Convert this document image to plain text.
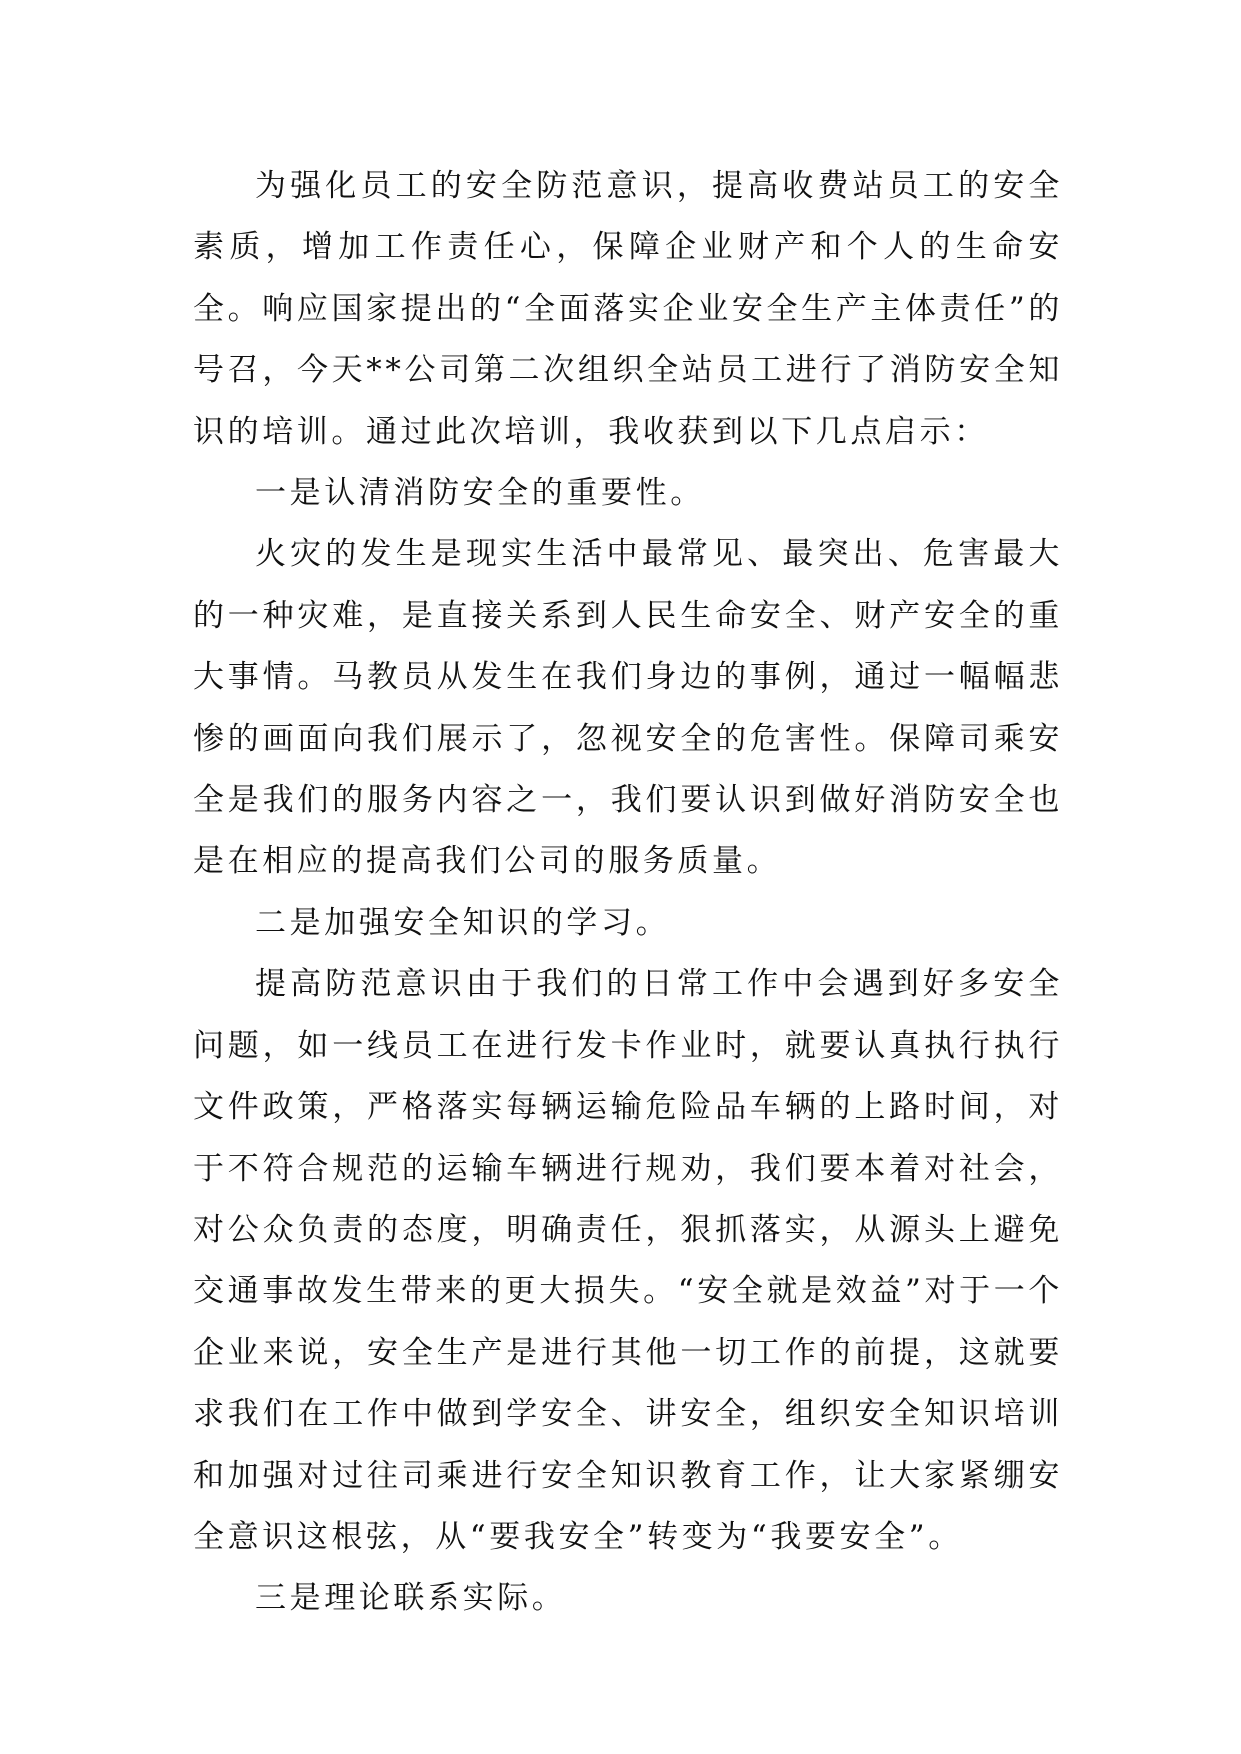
为强化员工的安全防范意识，提高收费站员工的安全素质，增加工作责任心，保障企业财产和个人的生命安全。响应国家提出的“全面落实企业安全生产主体责任”的号召，今天**公司第二次组织全站员工进行了消防安全知识的培训。通过此次培训，我收获到以下几点启示：

一是认清消防安全的重要性。

火灾的发生是现实生活中最常见、最突出、危害最大的一种灾难，是直接关系到人民生命安全、财产安全的重大事情。马教员从发生在我们身边的事例，通过一幅幅悲惨的画面向我们展示了，忽视安全的危害性。保障司乘安全是我们的服务内容之一，我们要认识到做好消防安全也是在相应的提高我们公司的服务质量。

二是加强安全知识的学习。

提高防范意识由于我们的日常工作中会遇到好多安全问题，如一线员工在进行发卡作业时，就要认真执行执行文件政策，严格落实每辆运输危险品车辆的上路时间，对于不符合规范的运输车辆进行规劝，我们要本着对社会，对公众负责的态度，明确责任，狠抓落实，从源头上避免交通事故发生带来的更大损失。“安全就是效益”对于一个企业来说，安全生产是进行其他一切工作的前提，这就要求我们在工作中做到学安全、讲安全，组织安全知识培训和加强对过往司乘进行安全知识教育工作，让大家紧绷安全意识这根弦，从“要我安全”转变为“我要安全”。

三是理论联系实际。
